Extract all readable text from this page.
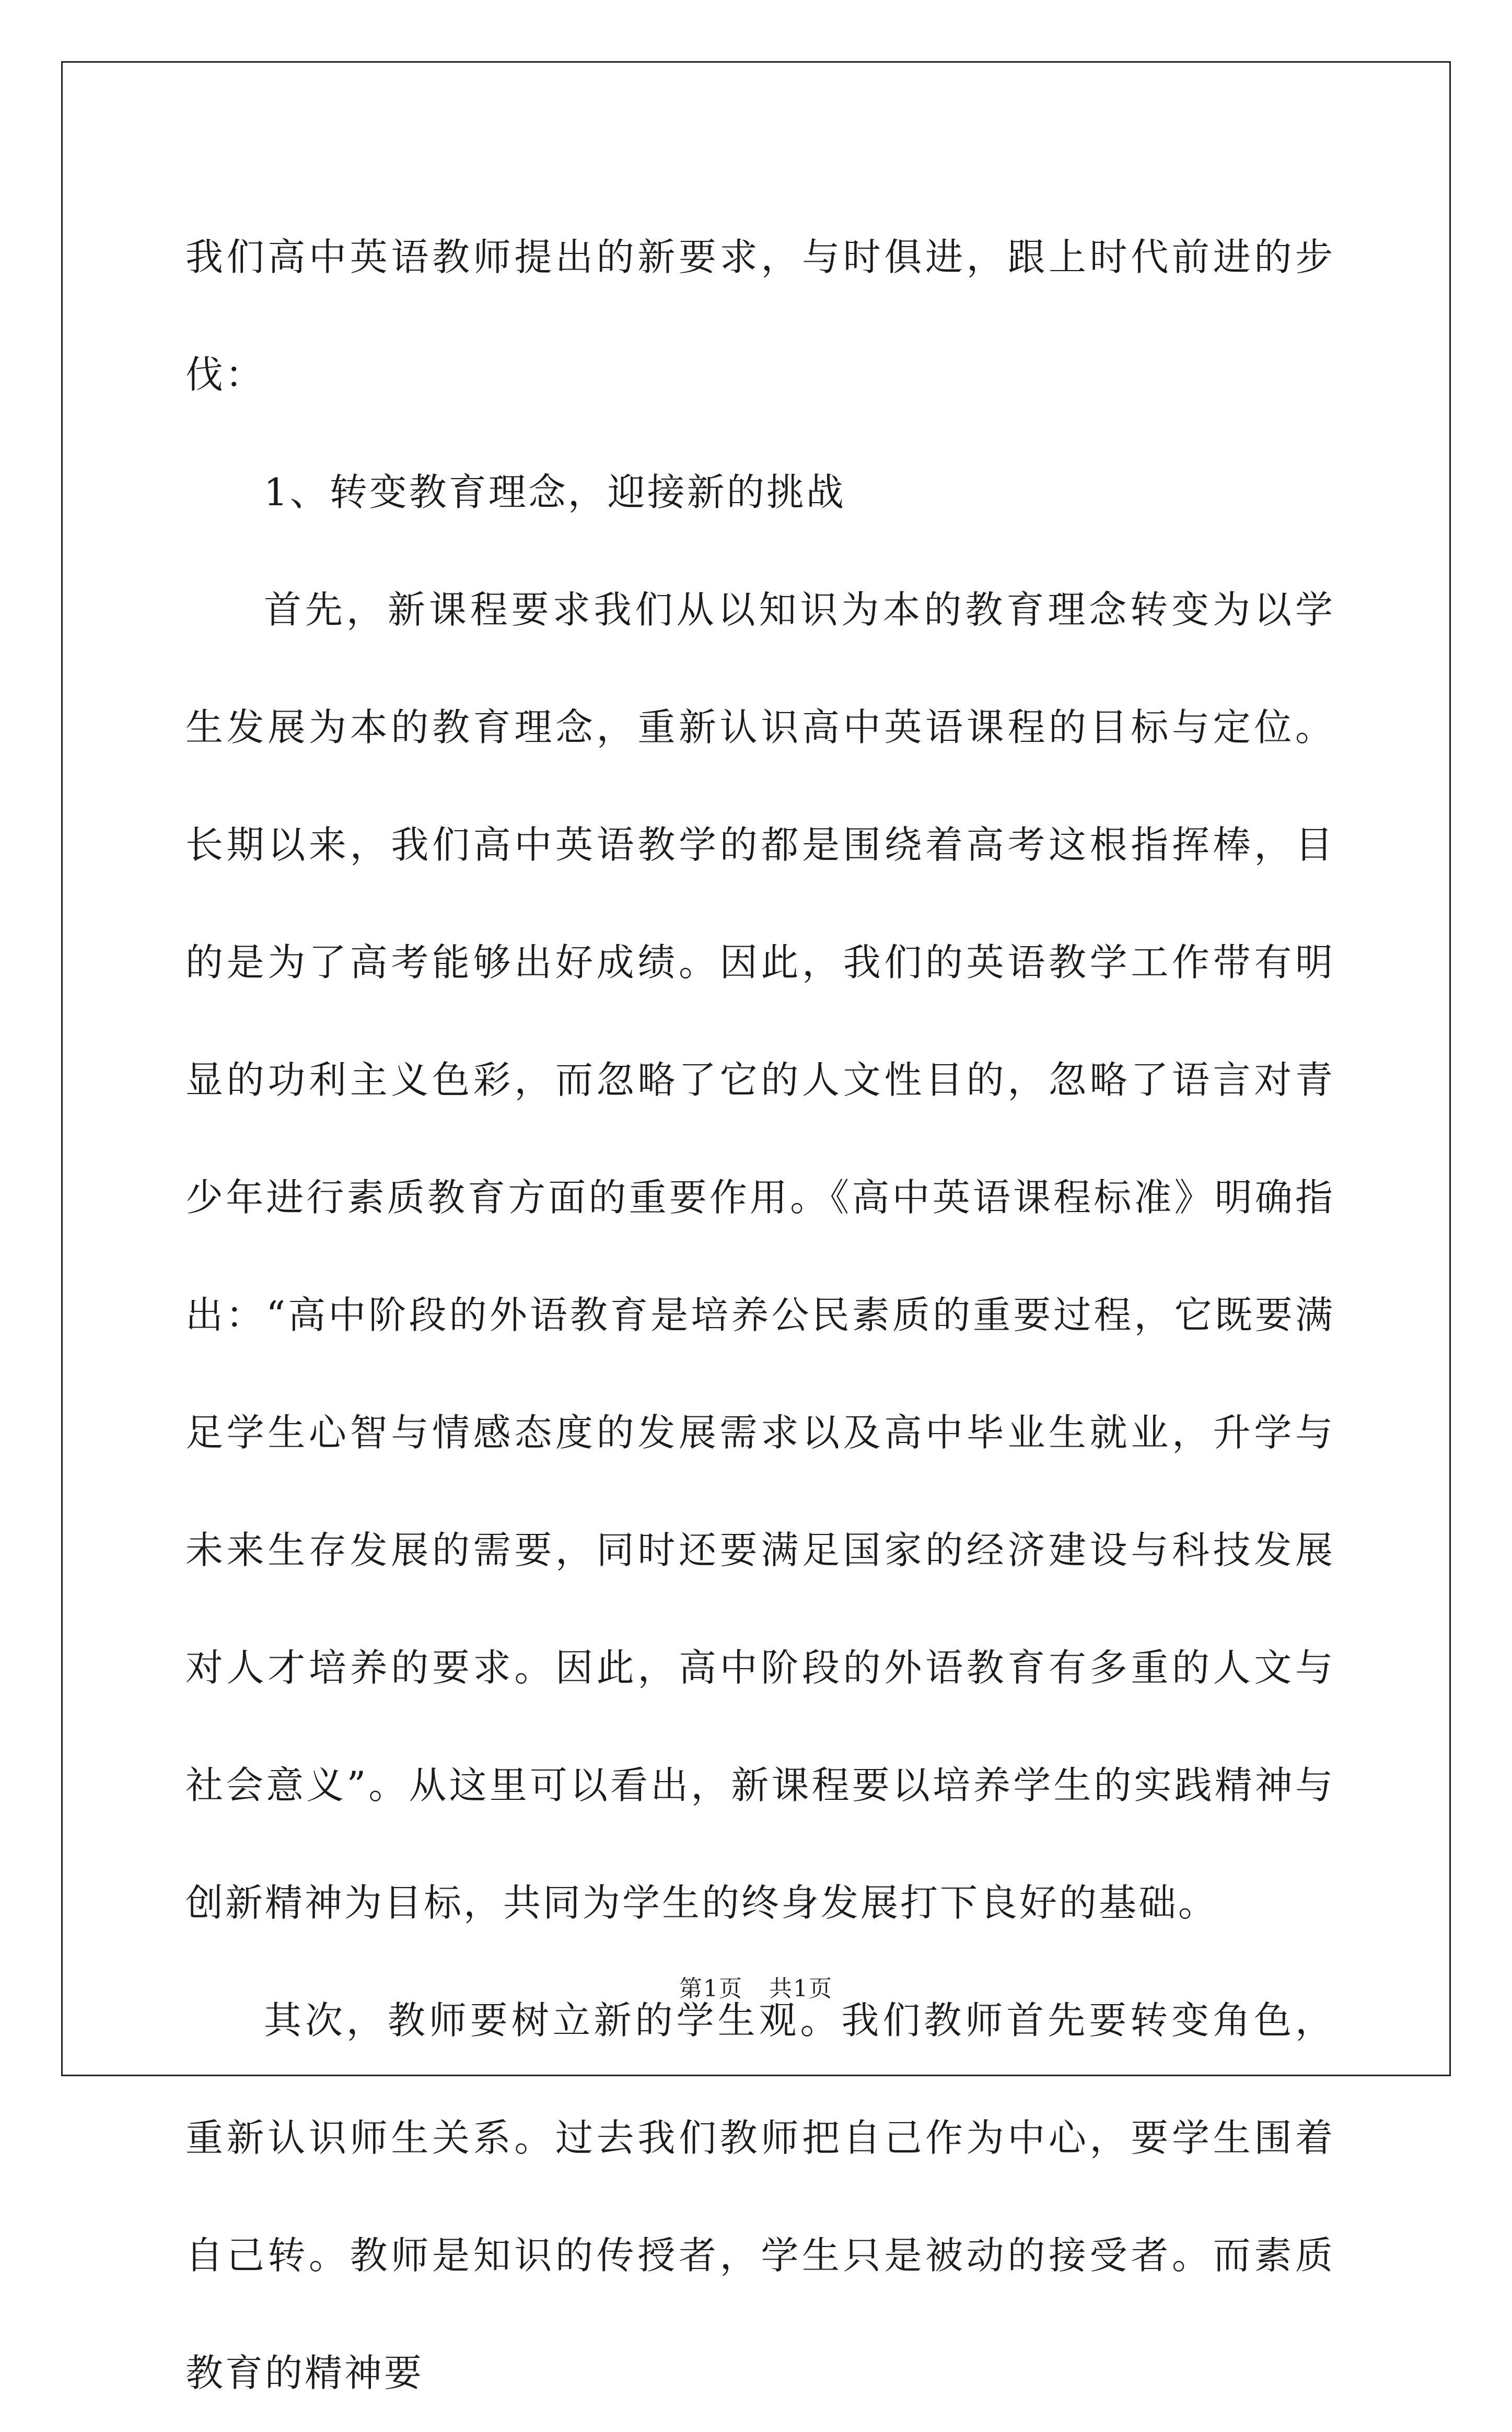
我们高中英语教师提出的新要求，与时俱进，跟上时代前进的步伐：

1、转变教育理念，迎接新的挑战

首先，新课程要求我们从以知识为本的教育理念转变为以学生发展为本的教育理念，重新认识高中英语课程的目标与定位。长期以来，我们高中英语教学的都是围绕着高考这根指挥棒，目的是为了高考能够出好成绩。因此，我们的英语教学工作带有明显的功利主义色彩，而忽略了它的人文性目的，忽略了语言对青少年进行素质教育方面的重要作用。《高中英语课程标准》明确指出：“高中阶段的外语教育是培养公民素质的重要过程，它既要满足学生心智与情感态度的发展需求以及高中毕业生就业，升学与未来生存发展的需要，同时还要满足国家的经济建设与科技发展对人才培养的要求。因此，高中阶段的外语教育有多重的人文与社会意义”。从这里可以看出，新课程要以培养学生的实践精神与创新精神为目标，共同为学生的终身发展打下良好的基础。

其次，教师要树立新的学生观。我们教师首先要转变角色，重新认识师生关系。过去我们教师把自己作为中心，要学生围着自己转。教师是知识的传授者，学生只是被动的接受者。而素质教育的精神要

第1页 共1页
